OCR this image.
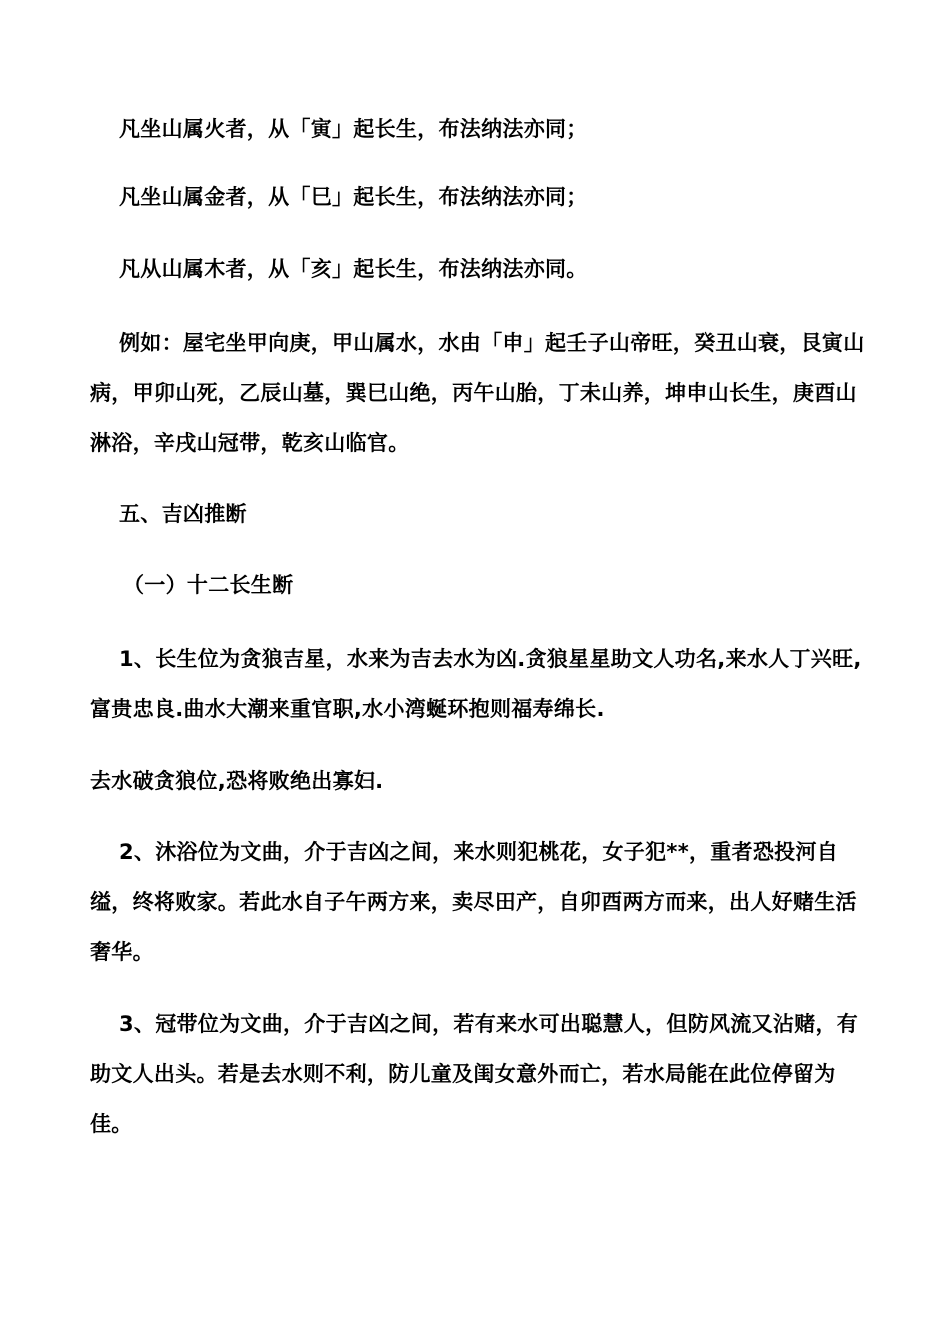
凡坐山属火者，从「寅」起长生，布法纳法亦同；
凡坐山属金者，从「巳」起长生，布法纳法亦同；
凡从山属木者，从「亥」起长生，布法纳法亦同。
例如：屋宅坐甲向庚，甲山属水，水由「申」起壬子山帝旺，癸丑山衰，艮寅山病，甲卯山死，乙辰山墓，巽巳山绝，丙午山胎，丁未山养，坤申山长生，庚酉山淋浴，辛戌山冠带，乾亥山临官。
五、吉凶推断
（一）十二长生断
1、长生位为贪狼吉星，水来为吉去水为凶.贪狼星星助文人功名,来水人丁兴旺,富贵忠良.曲水大潮来重官职,水小湾蜒环抱则福寿绵长.
去水破贪狼位,恐将败绝出寡妇.
2、沐浴位为文曲，介于吉凶之间，来水则犯桃花，女子犯**，重者恐投河自缢，终将败家。若此水自子午两方来，卖尽田产，自卯酉两方而来，出人好赌生活奢华。
3、冠带位为文曲，介于吉凶之间，若有来水可出聪慧人，但防风流又沾赌，有助文人出头。若是去水则不利，防儿童及闺女意外而亡，若水局能在此位停留为佳。
